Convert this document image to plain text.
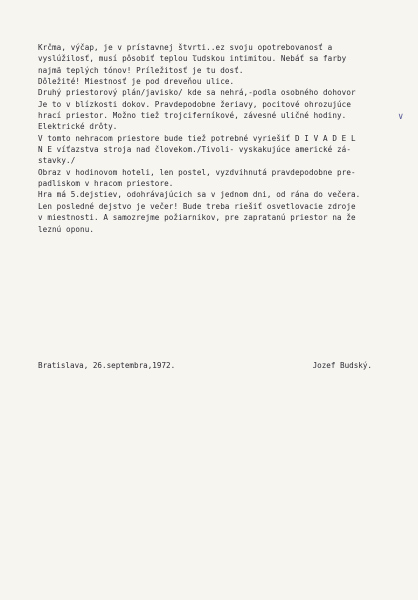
Krčma, výčap, je v prístavnej štvrti..ez svoju opotrebovanosť a

vyslúžilosť, musí pôsobiť teplou ľudskou intimitou. Nebáť sa farby

najmä teplých tónov! Príležitosť je tu dosť.

Dôležité! Miestnosť je pod dreveňou ulice.

Druhý priestorový plán/javisko/ kde sa nehrá,-podla osobného dohovor

Je to v blízkosti dokov. Pravdepodobne žeriavy, pocitové ohrozujúce

hrací priestor. Možno tiež trojciferníkové, závesné uličné hodiny.

Elektrické drôty.

V tomto nehracom priestore bude tiež potrebné vyriešiť D I V A D E L

N E víťazstva stroja nad človekom./Tivoli- vyskakujúce americké zá-

stavky./

Obraz v hodinovom hoteli, len postel, vyzdvihnutá pravdepodobne pre-

padliskom v hracom priestore.

Hra má 5.dejstiev, odohrávajúcich sa v jednom dni, od rána do večera.

Len posledné dejstvo je večer! Bude treba riešiť osvetlovacie zdroje

v miestnosti. A samozrejme požiarnikov, pre zapratanú priestor na že

leznú oponu.

∨
Bratislava, 26.septembra,1972.	Jozef Budský.
